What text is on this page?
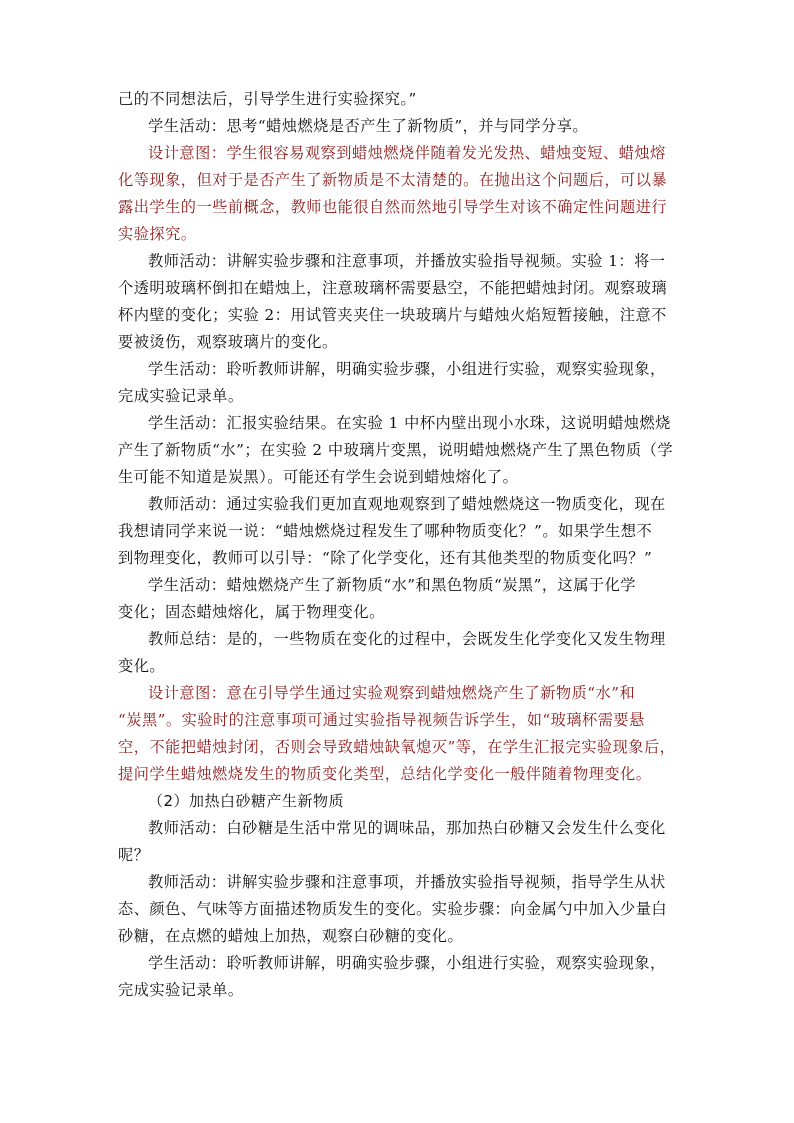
己的不同想法后，引导学生进行实验探究。”
学生活动：思考“蜡烛燃烧是否产生了新物质”，并与同学分享。
设计意图：学生很容易观察到蜡烛燃烧伴随着发光发热、蜡烛变短、蜡烛熔
化等现象，但对于是否产生了新物质是不太清楚的。在抛出这个问题后，可以暴
露出学生的一些前概念，教师也能很自然而然地引导学生对该不确定性问题进行
实验探究。
教师活动：讲解实验步骤和注意事项，并播放实验指导视频。实验 1：将一
个透明玻璃杯倒扣在蜡烛上，注意玻璃杯需要悬空，不能把蜡烛封闭。观察玻璃
杯内壁的变化；实验 2：用试管夹夹住一块玻璃片与蜡烛火焰短暂接触，注意不
要被烫伤，观察玻璃片的变化。
学生活动：聆听教师讲解，明确实验步骤，小组进行实验，观察实验现象，
完成实验记录单。
学生活动：汇报实验结果。在实验 1 中杯内壁出现小水珠，这说明蜡烛燃烧
产生了新物质“水”；在实验 2 中玻璃片变黑，说明蜡烛燃烧产生了黑色物质（学
生可能不知道是炭黑）。可能还有学生会说到蜡烛熔化了。
教师活动：通过实验我们更加直观地观察到了蜡烛燃烧这一物质变化，现在
我想请同学来说一说：“蜡烛燃烧过程发生了哪种物质变化？”。如果学生想不
到物理变化，教师可以引导：“除了化学变化，还有其他类型的物质变化吗？”
学生活动：蜡烛燃烧产生了新物质“水”和黑色物质“炭黑”，这属于化学
变化；固态蜡烛熔化，属于物理变化。
教师总结：是的，一些物质在变化的过程中，会既发生化学变化又发生物理
变化。
设计意图：意在引导学生通过实验观察到蜡烛燃烧产生了新物质“水”和
“炭黑”。实验时的注意事项可通过实验指导视频告诉学生，如“玻璃杯需要悬
空，不能把蜡烛封闭，否则会导致蜡烛缺氧熄灭”等，在学生汇报完实验现象后，
提问学生蜡烛燃烧发生的物质变化类型，总结化学变化一般伴随着物理变化。
（2）加热白砂糖产生新物质
教师活动：白砂糖是生活中常见的调味品，那加热白砂糖又会发生什么变化
呢？
教师活动：讲解实验步骤和注意事项，并播放实验指导视频，指导学生从状
态、颜色、气味等方面描述物质发生的变化。实验步骤：向金属勺中加入少量白
砂糖，在点燃的蜡烛上加热，观察白砂糖的变化。
学生活动：聆听教师讲解，明确实验步骤，小组进行实验，观察实验现象，
完成实验记录单。
